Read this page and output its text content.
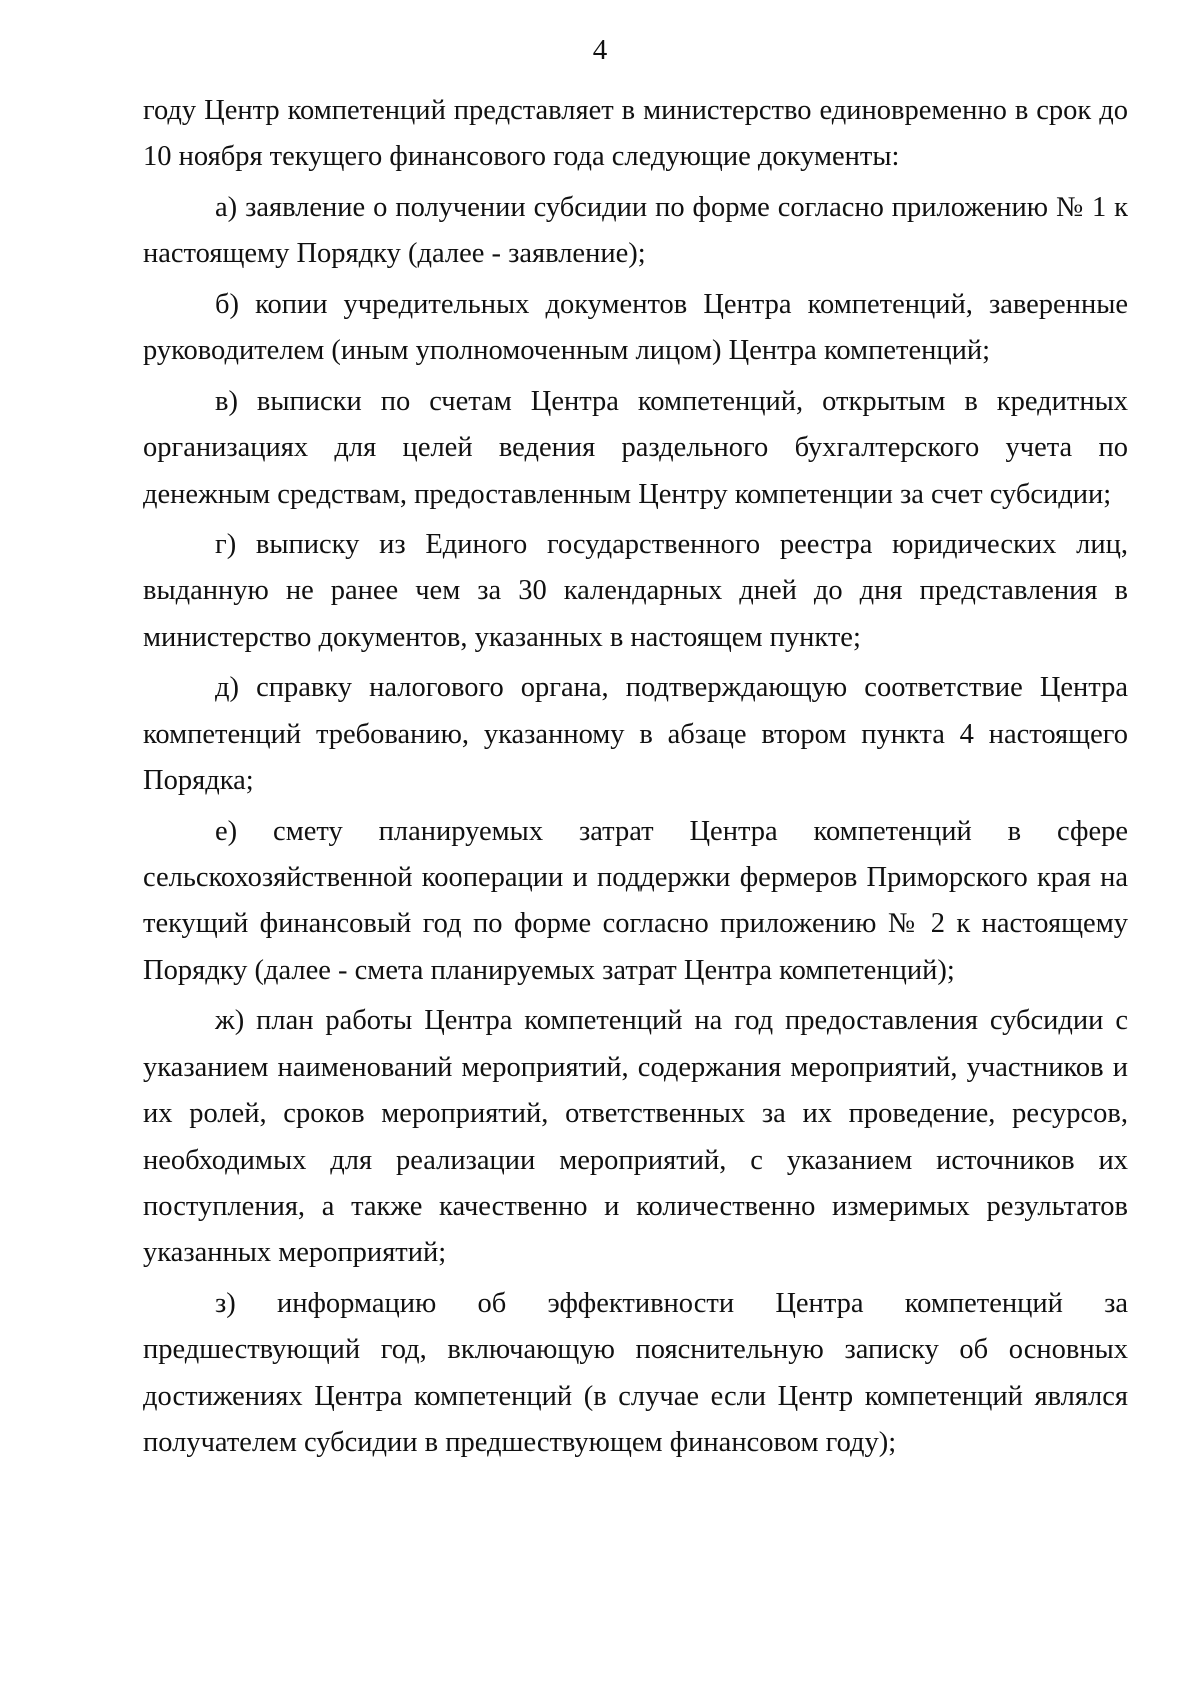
4

году Центр компетенций представляет в министерство единовременно в срок до 10 ноября текущего финансового года следующие документы:

а) заявление о получении субсидии по форме согласно приложению № 1 к настоящему Порядку (далее - заявление);

б) копии учредительных документов Центра компетенций, заверенные руководителем (иным уполномоченным лицом) Центра компетенций;

в) выписки по счетам Центра компетенций, открытым в кредитных организациях для целей ведения раздельного бухгалтерского учета по денежным средствам, предоставленным Центру компетенции за счет субсидии;

г) выписку из Единого государственного реестра юридических лиц, выданную не ранее чем за 30 календарных дней до дня представления в министерство документов, указанных в настоящем пункте;

д) справку налогового органа, подтверждающую соответствие Центра компетенций требованию, указанному в абзаце втором пункта 4 настоящего Порядка;

е) смету планируемых затрат Центра компетенций в сфере сельскохозяйственной кооперации и поддержки фермеров Приморского края на текущий финансовый год по форме согласно приложению № 2 к настоящему Порядку (далее - смета планируемых затрат Центра компетенций);

ж) план работы Центра компетенций на год предоставления субсидии с указанием наименований мероприятий, содержания мероприятий, участников и их ролей, сроков мероприятий, ответственных за их проведение, ресурсов, необходимых для реализации мероприятий, с указанием источников их поступления, а также качественно и количественно измеримых результатов указанных мероприятий;

з) информацию об эффективности Центра компетенций за предшествующий год, включающую пояснительную записку об основных достижениях Центра компетенций (в случае если Центр компетенций являлся получателем субсидии в предшествующем финансовом году);
